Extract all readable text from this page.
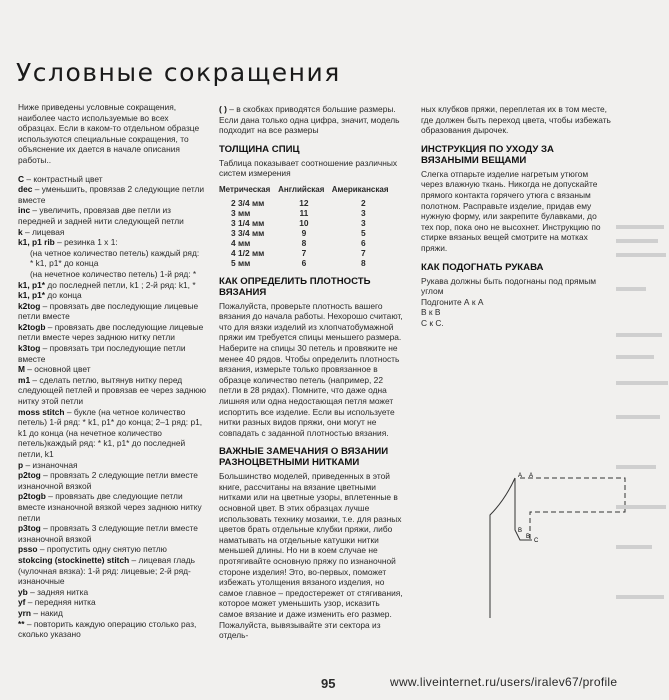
Условные сокращения

Ниже приведены условные сокращения, наиболее часто используемые во всех образцах. Если в каком-то отдельном образце используются специальные сокращения, то объяснение их дается в начале описания работы..

C – контрастный цвет

dec – уменьшить, провязав 2 следующие петли вместе

inc – увеличить, провязав две петли из передней и задней нити следующей петли

k – лицевая

k1, p1 rib – резинка 1 х 1:

(на четное количество петель) каждый ряд:

* k1, p1* до конца

(на нечетное количество петель) 1-й ряд: *

k1, p1* до последней петли, k1 ; 2-й ряд: k1, *

k1, p1* до конца

k2tog – провязать две последующие лицевые петли вместе

k2togb – провязать две последующие лицевые петли вместе через заднюю нитку петли

k3tog – провязать три последующие петли вместе

M – основной цвет

m1 – сделать петлю, вытянув нитку перед следующей петлей и провязав ее через заднюю нитку этой петли

moss stitch – букле (на четное количество петель) 1-й ряд: * k1, p1* до конца; 2–1 ряд: p1, k1 до конца (на нечетное количество петель)каждый ряд: * k1, p1* до последней петли, k1

p – изнаночная

p2tog – провязать 2 следующие петли вместе изнаночной вязкой

p2togb – провязать две следующие петли вместе изнаночной вязкой через заднюю нитку петли

p3tog – провязать 3 следующие петли вместе изнаночной вязкой

psso – пропустить одну снятую петлю

stokcing (stockinette) stitch – лицевая гладь (чулочная вязка): 1-й ряд: лицевые; 2-й ряд-изнаночные

yb – задняя нитка

yf – передняя нитка

yrn – накид

** – повторить каждую операцию столько раз, сколько указано

( ) – в скобках приводятся большие размеры. Если дана только одна цифра, значит, модель подходит на все размеры

ТОЛЩИНА СПИЦ
Таблица показывает соотношение различных систем измерения
Метрическая	Английская	Американская
2 3/4 мм	12	2
3 мм	11	3
3 1/4 мм	10	3
3 3/4 мм	9	5
4 мм	8	6
4 1/2 мм	7	7
5 мм	6	8
КАК ОПРЕДЕЛИТЬ ПЛОТНОСТЬ ВЯЗАНИЯ

Пожалуйста, проверьте плотность вашего вязания до начала работы. Нехорошо считают, что для вязки изделий из хлопчатобумажной пряжи им требуется спицы меньшего размера. Наберите на спицы 30 петель и провяжите не менее 40 рядов. Чтобы определить плотность вязания, измерьте только провязанное в образце количество петель (например, 22 петли в 28 рядах). Помните, что даже одна лишняя или одна недостающая петля может испортить все изделие. Если вы используете нитки разных видов пряжи, они могут не совпадать с заданной плотностью вязания.

ВАЖНЫЕ ЗАМЕЧАНИЯ О ВЯЗАНИИ РАЗНОЦВЕТНЫМИ НИТКАМИ

Большинство моделей, приведенных в этой книге, рассчитаны на вязание цветными нитками или на цветные узоры, вплетенные в основной цвет. В этих образцах лучше использовать технику мозаики, т.е. для разных цветов брать отдельные клубки пряжи, либо наматывать на отдельные катушки нитки меньшей длины. Но ни в коем случае не протягивайте основную пряжу по изнаночной стороне изделия! Это, во-первых, поможет избежать утолщения вязаного изделия, но самое главное – предостережет от стягивания, которое может уменьшить узор, исказить самое вязание и даже изменить его размер. Пожалуйста, вывязывайте эти сектора из отдель-

ных клубков пряжи, переплетая их в том месте, где должен быть переход цвета, чтобы избежать образования дырочек.

ИНСТРУКЦИЯ ПО УХОДУ ЗА ВЯЗАНЫМИ ВЕЩАМИ

Слегка отпарьте изделие нагретым утюгом через влажную ткань. Никогда не допускайте прямого контакта горячего утюга с вязаным полотном. Расправьте изделие, придав ему нужную форму, или закрепите булавками, до тех пор, пока оно не высохнет. Инструкцию по стирке вязаных вещей смотрите на мотках пряжи.

КАК ПОДОГНАТЬ РУКАВА
Рукава должны быть подогнаны под прямым углом
Подгоните А к А
В к В
С к С.
A A
B
B
C
95	www.liveinternet.ru/users/iralev67/profile
